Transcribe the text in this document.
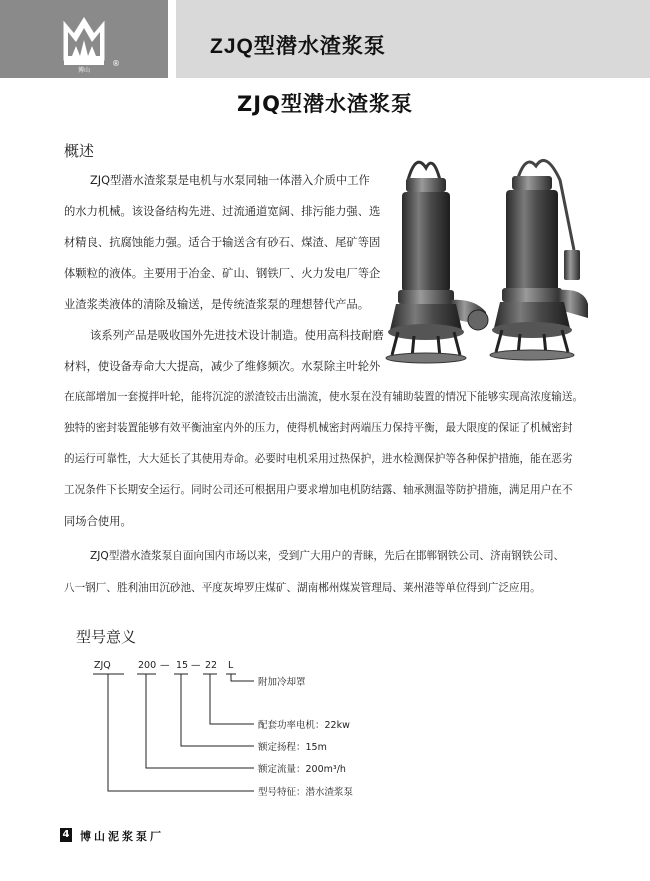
博山
®
ZJQ型潜水渣浆泵
ZJQ型潜水渣浆泵
概述
ZJQ型潜水渣浆泵是电机与水泵同轴一体潜入介质中工作
的水力机械。该设备结构先进、过流通道宽阔、排污能力强、选
材精良、抗腐蚀能力强。适合于输送含有砂石、煤渣、尾矿等固
体颗粒的液体。主要用于冶金、矿山、钢铁厂、火力发电厂等企
业渣浆类液体的清除及输送，是传统渣浆泵的理想替代产品。
该系列产品是吸收国外先进技术设计制造。使用高科技耐磨
材料，使设备寿命大大提高，减少了维修频次。水泵除主叶轮外
在底部增加一套搅拌叶轮，能将沉淀的淤渣铰击出湍流，使水泵在没有辅助装置的情况下能够实现高浓度输送。
独特的密封装置能够有效平衡油室内外的压力，使得机械密封两端压力保持平衡，最大限度的保证了机械密封
的运行可靠性，大大延长了其使用寿命。必要时电机采用过热保护，进水检测保护等各种保护措施，能在恶劣
工况条件下长期安全运行。同时公司还可根据用户要求增加电机防结露、轴承测温等防护措施，满足用户在不
同场合使用。
ZJQ型潜水渣浆泵自面向国内市场以来，受到广大用户的青睐，先后在邯郸钢铁公司、济南钢铁公司、
八一钢厂、胜利油田沉砂池、平度灰埠罗庄煤矿、湖南郴州煤炭管理局、莱州港等单位得到广泛应用。
型号意义
ZJQ	200 — 15 — 22 L
附加冷却罩
配套功率电机：22kw
额定扬程：15m
额定流量：200m³/h
型号特征：潜水渣浆泵
4 博山泥浆泵厂
